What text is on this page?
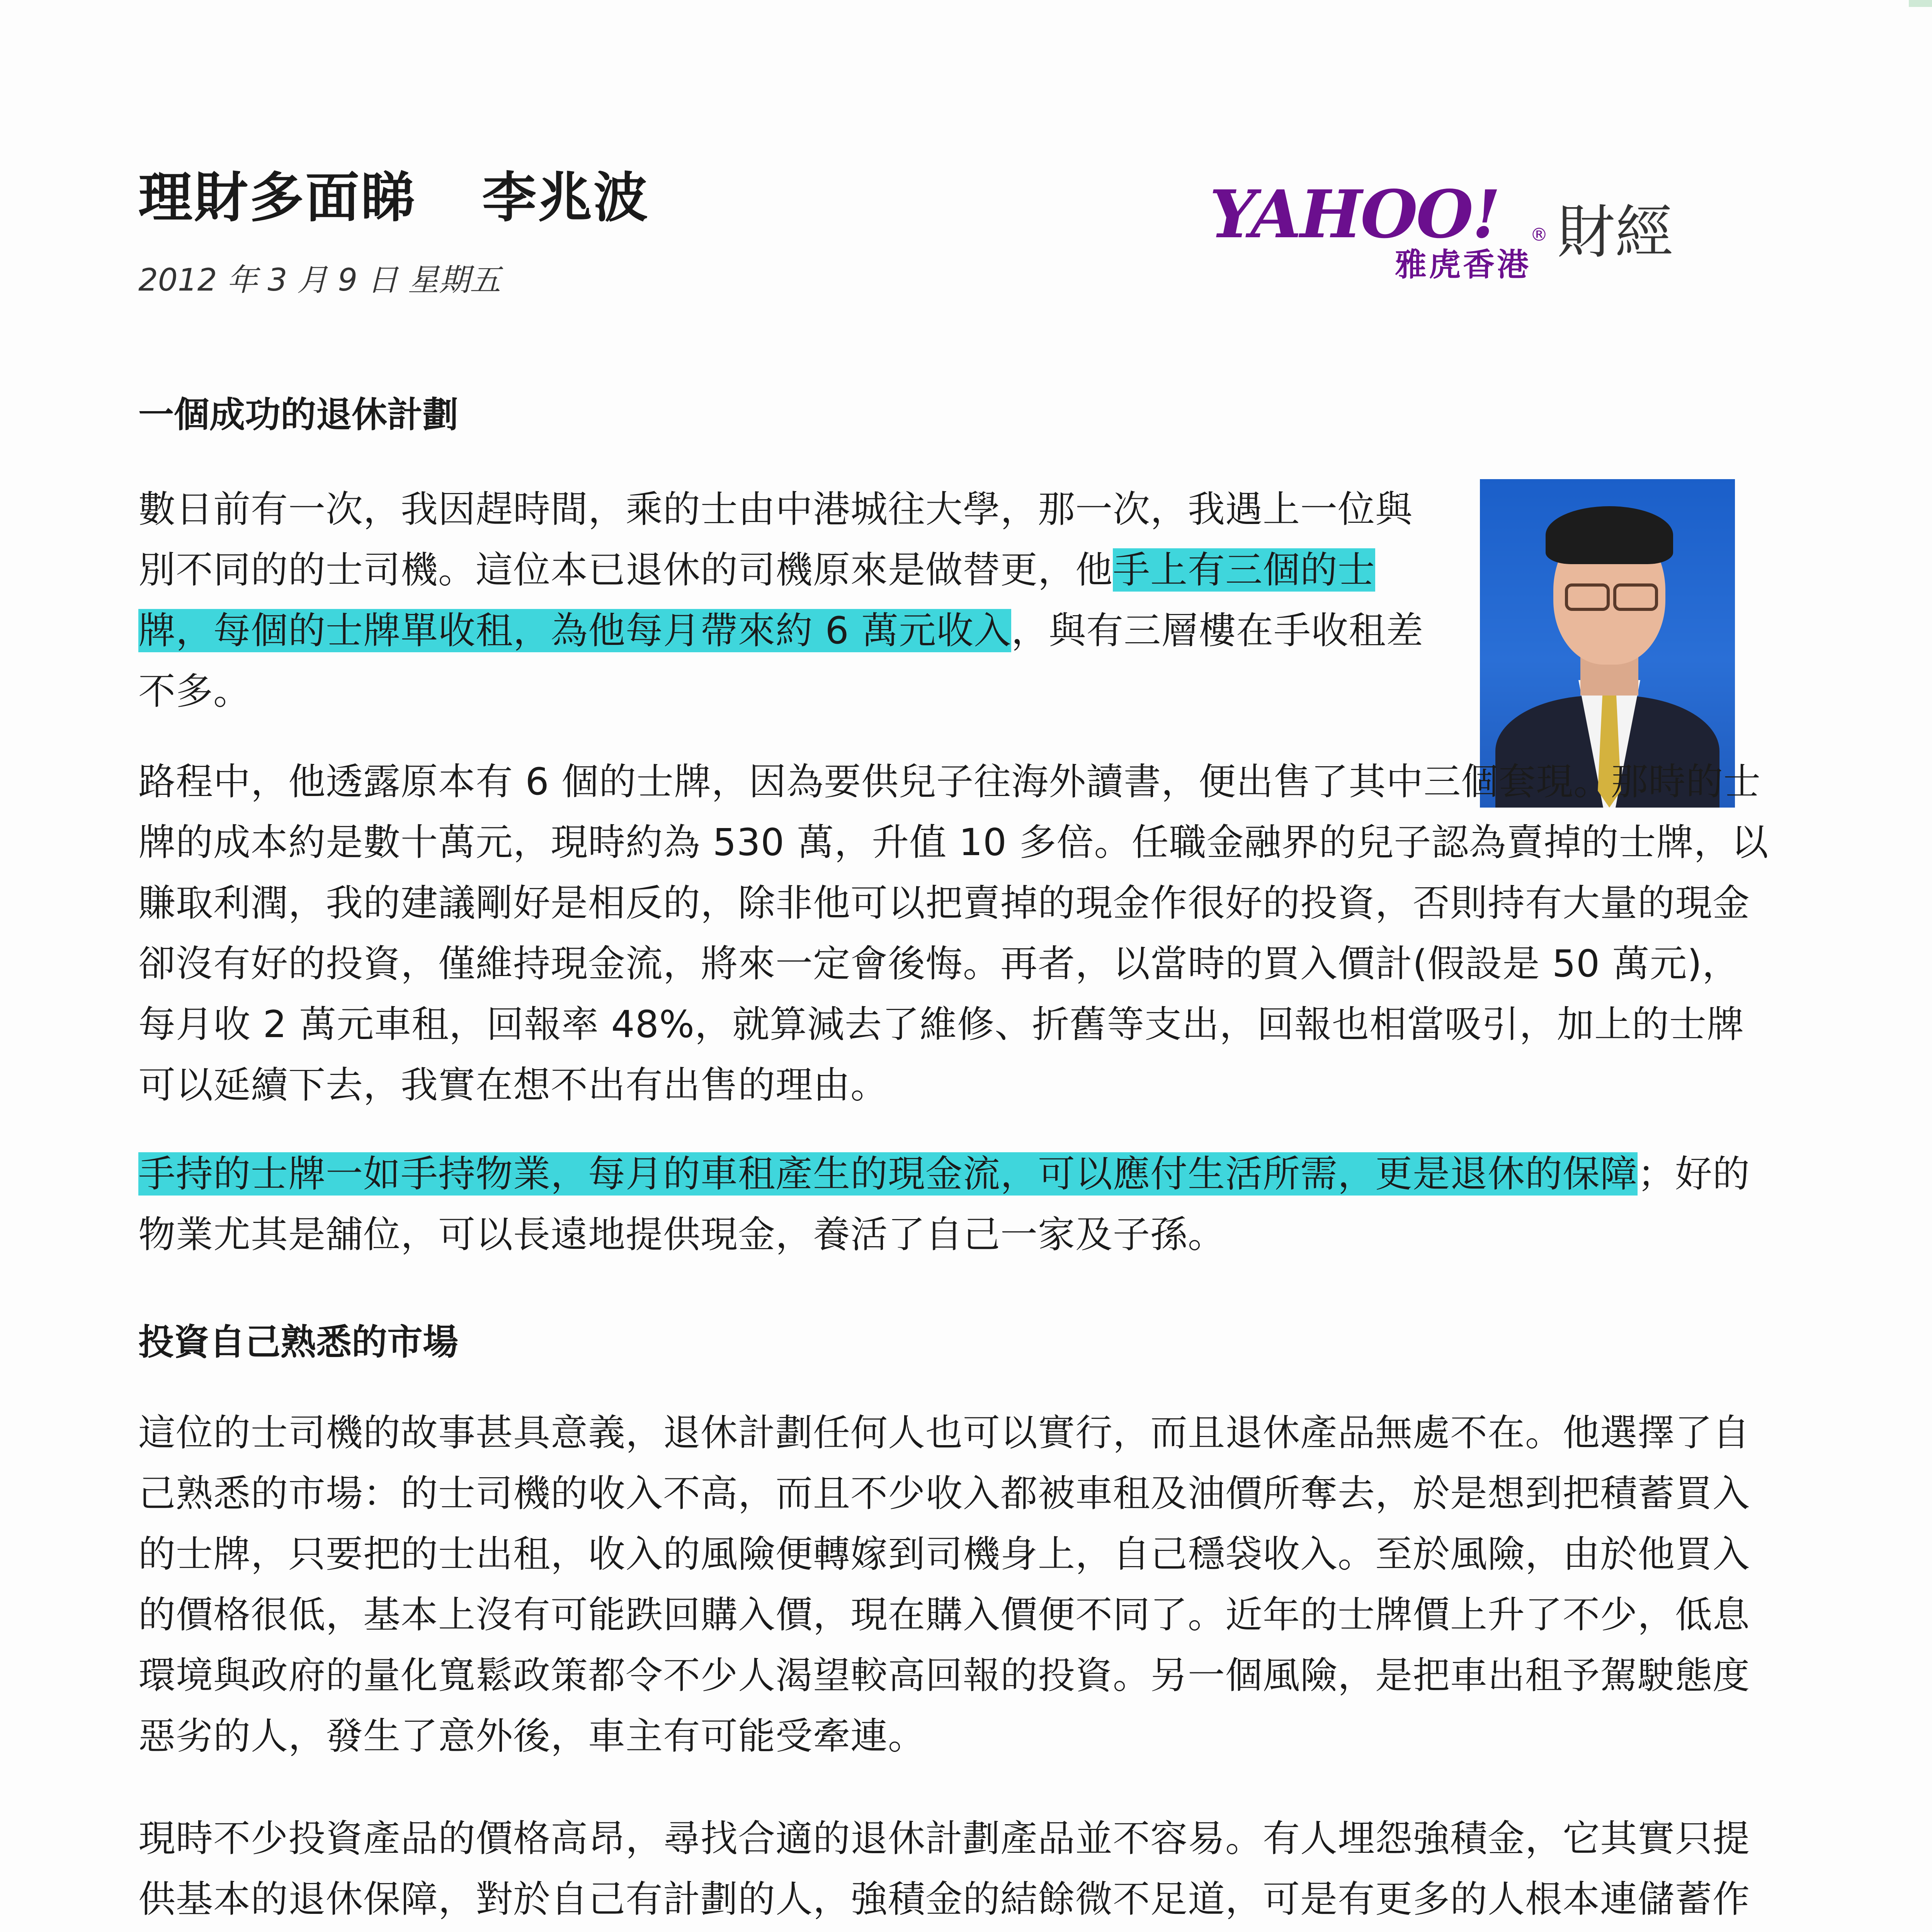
理財多面睇 李兆波
2012 年 3 月 9 日 星期五
YAHOO! ®
雅虎香港 財經
一個成功的退休計劃
數日前有一次，我因趕時間，乘的士由中港城往大學，那一次，我遇上一位與別不同的的士司機。這位本已退休的司機原來是做替更，他手上有三個的士牌，每個的士牌單收租，為他每月帶來約 6 萬元收入，與有三層樓在手收租差不多。
路程中，他透露原本有 6 個的士牌，因為要供兒子往海外讀書，便出售了其中三個套現。那時的士牌的成本約是數十萬元，現時約為 530 萬，升值 10 多倍。任職金融界的兒子認為賣掉的士牌，以賺取利潤，我的建議剛好是相反的，除非他可以把賣掉的現金作很好的投資，否則持有大量的現金卻沒有好的投資，僅維持現金流，將來一定會後悔。再者，以當時的買入價計(假設是 50 萬元)，每月收 2 萬元車租，回報率 48%，就算減去了維修、折舊等支出，回報也相當吸引，加上的士牌可以延續下去，我實在想不出有出售的理由。
手持的士牌一如手持物業，每月的車租產生的現金流，可以應付生活所需，更是退休的保障；好的物業尤其是舖位，可以長遠地提供現金，養活了自己一家及子孫。
投資自己熟悉的市場
這位的士司機的故事甚具意義，退休計劃任何人也可以實行，而且退休產品無處不在。他選擇了自己熟悉的市場：的士司機的收入不高，而且不少收入都被車租及油價所奪去，於是想到把積蓄買入的士牌，只要把的士出租，收入的風險便轉嫁到司機身上，自己穩袋收入。至於風險，由於他買入的價格很低，基本上沒有可能跌回購入價，現在購入價便不同了。近年的士牌價上升了不少，低息環境與政府的量化寬鬆政策都令不少人渴望較高回報的投資。另一個風險，是把車出租予駕駛態度惡劣的人，發生了意外後，車主有可能受牽連。
現時不少投資產品的價格高昂，尋找合適的退休計劃產品並不容易。有人埋怨強積金，它其實只提供基本的退休保障，對於自己有計劃的人，強積金的結餘微不足道，可是有更多的人根本連儲蓄作
